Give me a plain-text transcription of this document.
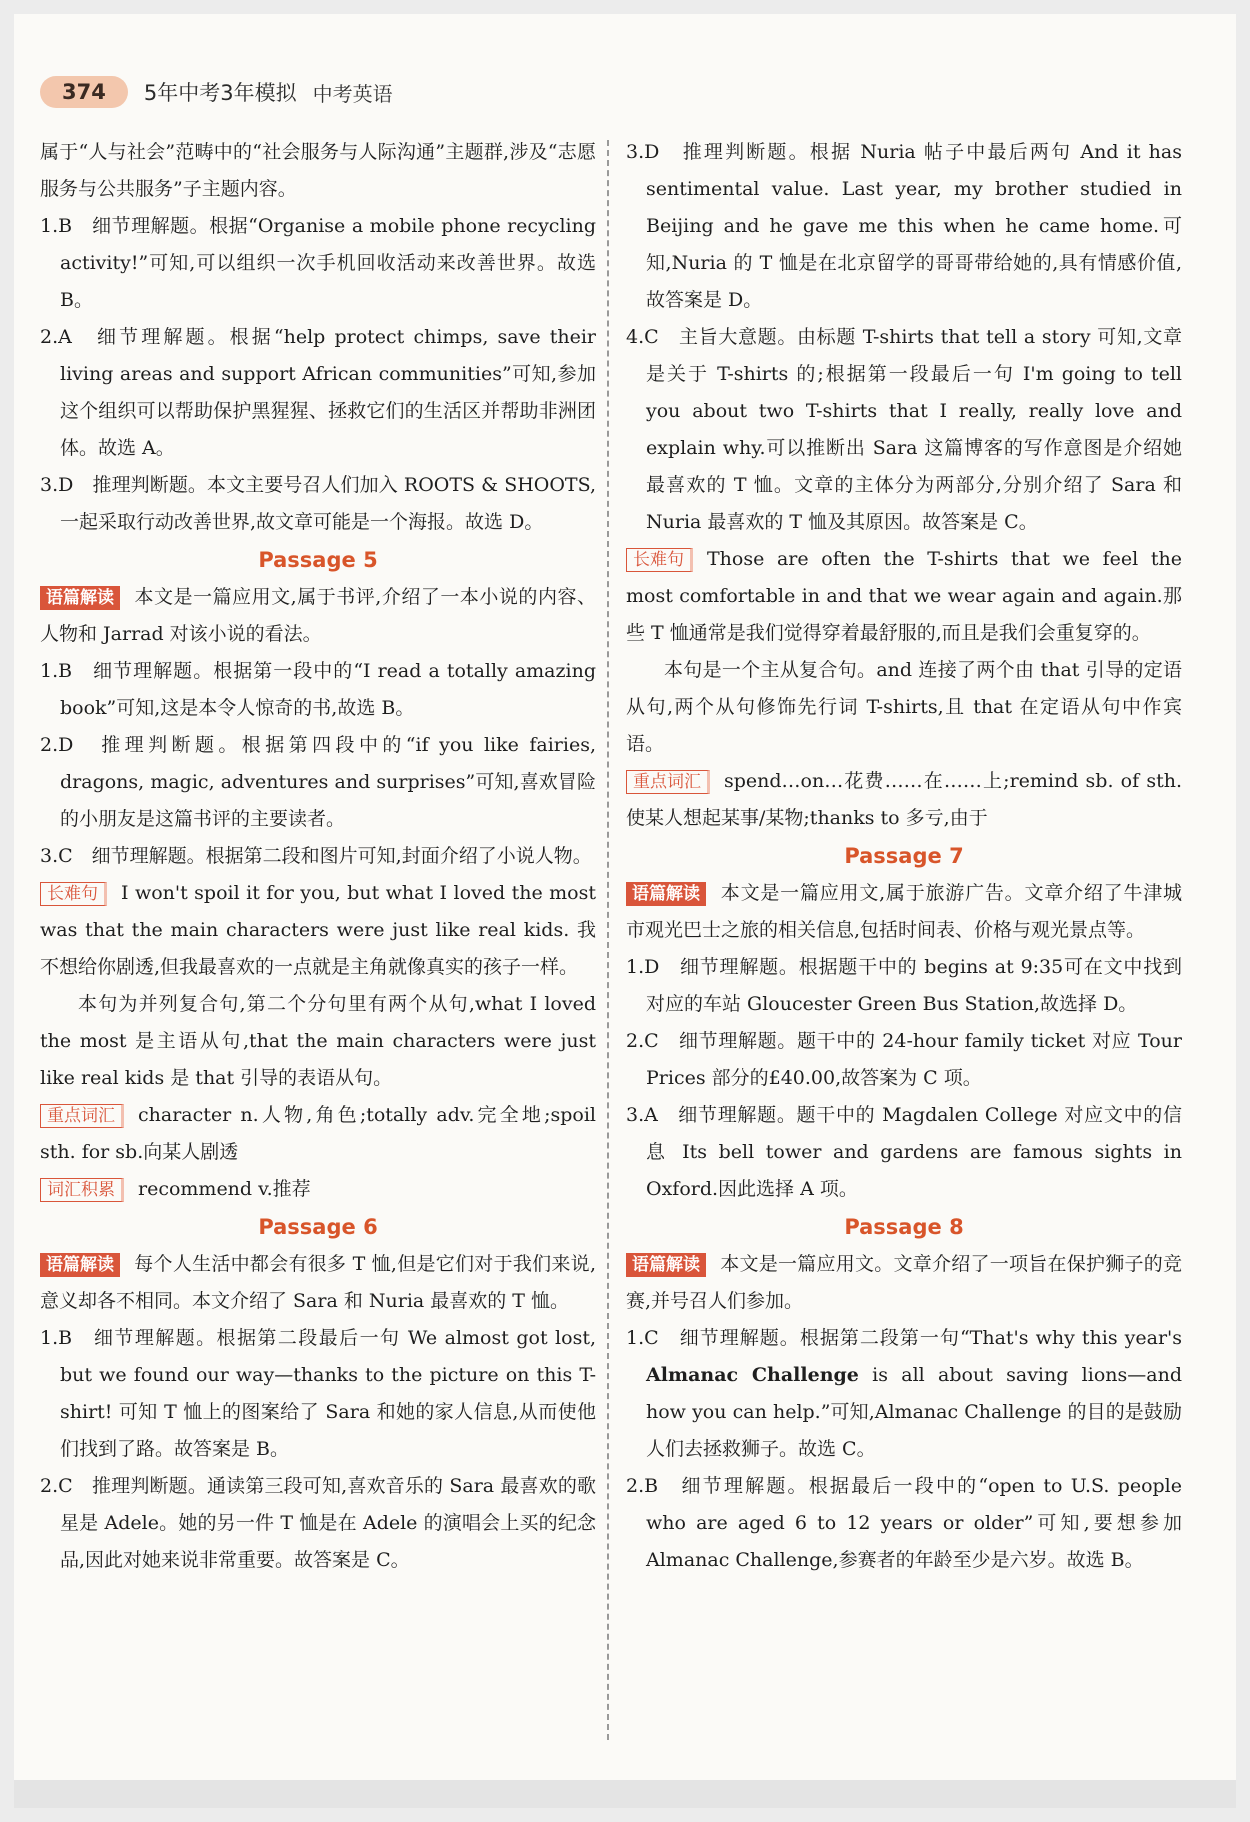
374	5年中考3年模拟 中考英语

属于“人与社会”范畴中的“社会服务与人际沟通”主题群,涉及“志愿服务与公共服务”子主题内容。

1.B　细节理解题。根据“Organise a mobile phone recycling activity!”可知,可以组织一次手机回收活动来改善世界。故选 B。

2.A　细节理解题。根据“help protect chimps, save their living areas and support African communities”可知,参加这个组织可以帮助保护黑猩猩、拯救它们的生活区并帮助非洲团体。故选 A。

3.D　推理判断题。本文主要号召人们加入 ROOTS & SHOOTS,一起采取行动改善世界,故文章可能是一个海报。故选 D。

Passage 5

语篇解读 本文是一篇应用文,属于书评,介绍了一本小说的内容、人物和 Jarrad 对该小说的看法。

1.B　细节理解题。根据第一段中的“I read a totally amazing book”可知,这是本令人惊奇的书,故选 B。

2.D　推理判断题。根据第四段中的“if you like fairies, dragons, magic, adventures and surprises”可知,喜欢冒险的小朋友是这篇书评的主要读者。

3.C　细节理解题。根据第二段和图片可知,封面介绍了小说人物。

长难句 I won't spoil it for you, but what I loved the most was that the main characters were just like real kids. 我不想给你剧透,但我最喜欢的一点就是主角就像真实的孩子一样。

本句为并列复合句,第二个分句里有两个从句,what I loved the most 是主语从句,that the main characters were just like real kids 是 that 引导的表语从句。

重点词汇 character n.人物,角色;totally adv.完全地;spoil sth. for sb.向某人剧透

词汇积累 recommend v.推荐

Passage 6

语篇解读 每个人生活中都会有很多 T 恤,但是它们对于我们来说,意义却各不相同。本文介绍了 Sara 和 Nuria 最喜欢的 T 恤。

1.B　细节理解题。根据第二段最后一句 We almost got lost, but we found our way—thanks to the picture on this T-shirt! 可知 T 恤上的图案给了 Sara 和她的家人信息,从而使他们找到了路。故答案是 B。

2.C　推理判断题。通读第三段可知,喜欢音乐的 Sara 最喜欢的歌星是 Adele。她的另一件 T 恤是在 Adele 的演唱会上买的纪念品,因此对她来说非常重要。故答案是 C。

3.D　推理判断题。根据 Nuria 帖子中最后两句 And it has sentimental value. Last year, my brother studied in Beijing and he gave me this when he came home.可知,Nuria 的 T 恤是在北京留学的哥哥带给她的,具有情感价值,故答案是 D。

4.C　主旨大意题。由标题 T-shirts that tell a story 可知,文章是关于 T-shirts 的;根据第一段最后一句 I'm going to tell you about two T-shirts that I really, really love and explain why.可以推断出 Sara 这篇博客的写作意图是介绍她最喜欢的 T 恤。文章的主体分为两部分,分别介绍了 Sara 和 Nuria 最喜欢的 T 恤及其原因。故答案是 C。

长难句 Those are often the T-shirts that we feel the most comfortable in and that we wear again and again.那些 T 恤通常是我们觉得穿着最舒服的,而且是我们会重复穿的。

本句是一个主从复合句。and 连接了两个由 that 引导的定语从句,两个从句修饰先行词 T-shirts,且 that 在定语从句中作宾语。

重点词汇 spend…on…花费……在……上;remind sb. of sth.使某人想起某事/某物;thanks to 多亏,由于

Passage 7

语篇解读 本文是一篇应用文,属于旅游广告。文章介绍了牛津城市观光巴士之旅的相关信息,包括时间表、价格与观光景点等。

1.D　细节理解题。根据题干中的 begins at 9:35可在文中找到对应的车站 Gloucester Green Bus Station,故选择 D。

2.C　细节理解题。题干中的 24-hour family ticket 对应 Tour Prices 部分的£40.00,故答案为 C 项。

3.A　细节理解题。题干中的 Magdalen College 对应文中的信息 Its bell tower and gardens are famous sights in Oxford.因此选择 A 项。

Passage 8

语篇解读 本文是一篇应用文。文章介绍了一项旨在保护狮子的竞赛,并号召人们参加。

1.C　细节理解题。根据第二段第一句“That's why this year's Almanac Challenge is all about saving lions—and how you can help.”可知,Almanac Challenge 的目的是鼓励人们去拯救狮子。故选 C。

2.B　细节理解题。根据最后一段中的“open to U.S. people who are aged 6 to 12 years or older”可知,要想参加 Almanac Challenge,参赛者的年龄至少是六岁。故选 B。
